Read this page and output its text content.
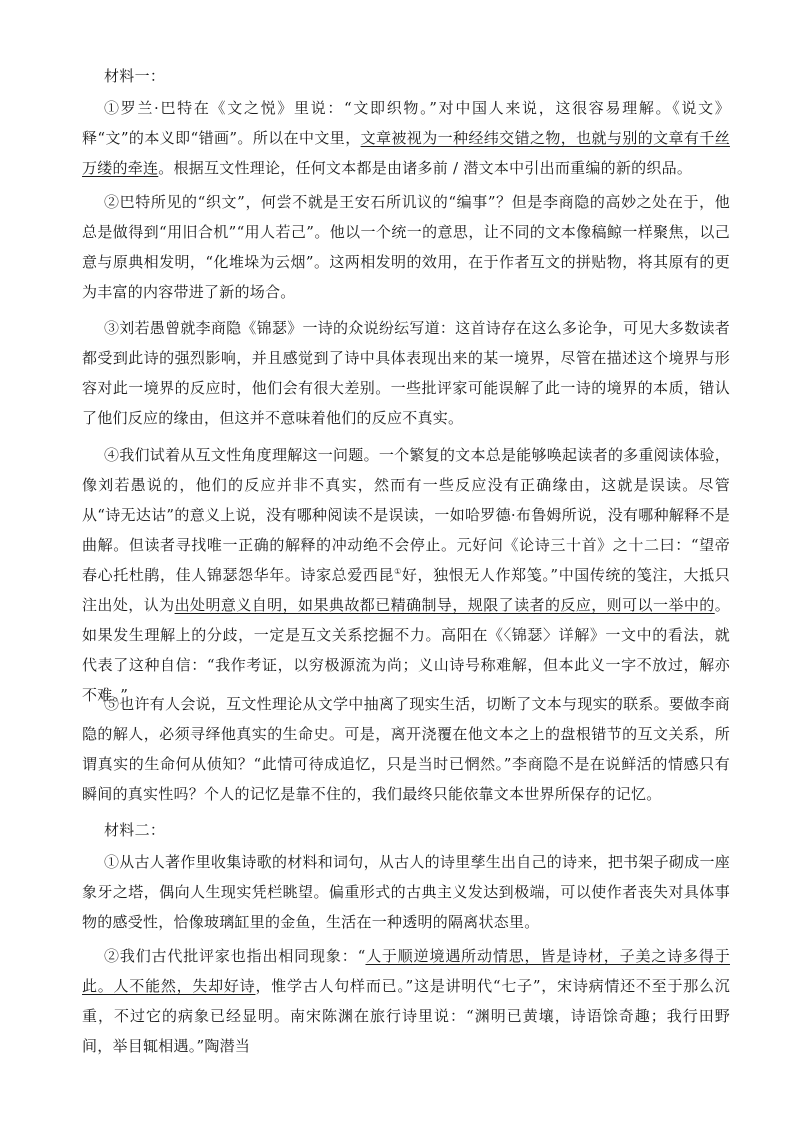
材料一：
①罗兰·巴特在《文之悦》里说：“文即织物。”对中国人来说，这很容易理解。《说文》释“文”的本义即“错画”。所以在中文里，文章被视为一种经纬交错之物，也就与别的文章有千丝万缕的牵连。根据互文性理论，任何文本都是由诸多前 / 潜文本中引出而重编的新的织品。
②巴特所见的“织文”，何尝不就是王安石所讥议的“编事”？但是李商隐的高妙之处在于，他总是做得到“用旧合机”“用人若己”。他以一个统一的意思，让不同的文本像稿鲸一样聚焦，以己意与原典相发明，“化堆垛为云烟”。这两相发明的效用，在于作者互文的拼贴物，将其原有的更为丰富的内容带进了新的场合。
③刘若愚曾就李商隐《锦瑟》一诗的众说纷纭写道：这首诗存在这么多论争，可见大多数读者都受到此诗的强烈影响，并且感觉到了诗中具体表现出来的某一境界，尽管在描述这个境界与形容对此一境界的反应时，他们会有很大差别。一些批评家可能误解了此一诗的境界的本质，错认了他们反应的缘由，但这并不意味着他们的反应不真实。
④我们试着从互文性角度理解这一问题。一个繁复的文本总是能够唤起读者的多重阅读体验，像刘若愚说的，他们的反应并非不真实，然而有一些反应没有正确缘由，这就是误读。尽管从“诗无达诂”的意义上说，没有哪种阅读不是误读，一如哈罗德·布鲁姆所说，没有哪种解释不是曲解。但读者寻找唯一正确的解释的冲动绝不会停止。元好问《论诗三十首》之十二曰：“望帝春心托杜鹃，佳人锦瑟怨华年。诗家总爱西昆①好，独恨无人作郑笺。”中国传统的笺注，大抵只注出处，认为出处明意义自明，如果典故都已精确制导，规限了读者的反应，则可以一举中的。如果发生理解上的分歧，一定是互文关系挖掘不力。高阳在《〈锦瑟〉详解》一文中的看法，就代表了这种自信：“我作考证，以穷极源流为尚；义山诗号称难解，但本此义一字不放过，解亦不难。”
⑤也许有人会说，互文性理论从文学中抽离了现实生活，切断了文本与现实的联系。要做李商隐的解人，必须寻绎他真实的生命史。可是，离开浇覆在他文本之上的盘根错节的互文关系，所谓真实的生命何从侦知？“此情可待成追忆，只是当时已惘然。”李商隐不是在说鲜活的情感只有瞬间的真实性吗？个人的记忆是靠不住的，我们最终只能依靠文本世界所保存的记忆。
材料二：
①从古人著作里收集诗歌的材料和词句，从古人的诗里孳生出自己的诗来，把书架子砌成一座象牙之塔，偶向人生现实凭栏眺望。偏重形式的古典主义发达到极端，可以使作者丧失对具体事物的感受性，恰像玻璃缸里的金鱼，生活在一种透明的隔离状态里。
②我们古代批评家也指出相同现象：“人于顺逆境遇所动情思，皆是诗材，子美之诗多得于此。人不能然，失却好诗，惟学古人句样而已。”这是讲明代“七子”，宋诗病情还不至于那么沉重，不过它的病象已经显明。南宋陈渊在旅行诗里说：“渊明已黄壤，诗语馀奇趣；我行田野间，举目辄相遇。”陶潜当
